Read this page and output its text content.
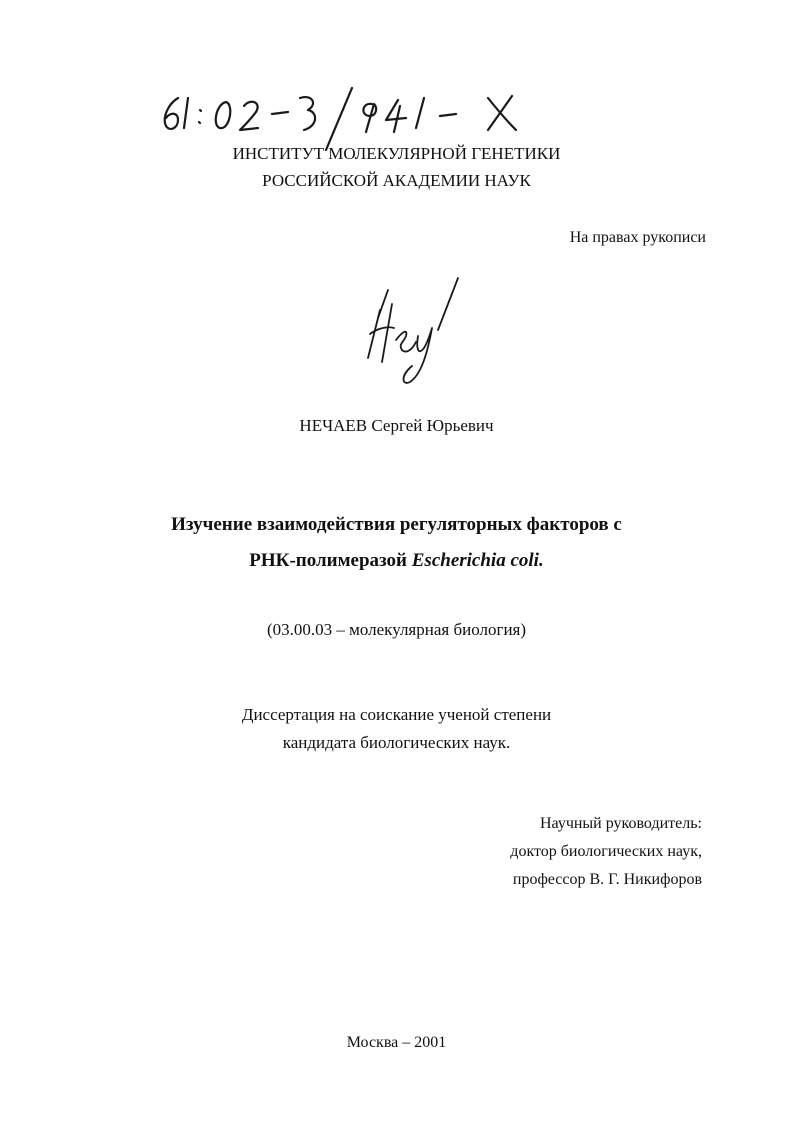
ИНСТИТУТ МОЛЕКУЛЯРНОЙ ГЕНЕТИКИ
РОССИЙСКОЙ АКАДЕМИИ НАУК
На правах рукописи
НЕЧАЕВ Сергей Юрьевич
Изучение взаимодействия регуляторных факторов с
РНК-полимеразой Escherichia coli.
(03.00.03 – молекулярная биология)
Диссертация на соискание ученой степени
кандидата биологических наук.
Научный руководитель:
доктор биологических наук,
профессор В. Г. Никифоров
Москва – 2001
